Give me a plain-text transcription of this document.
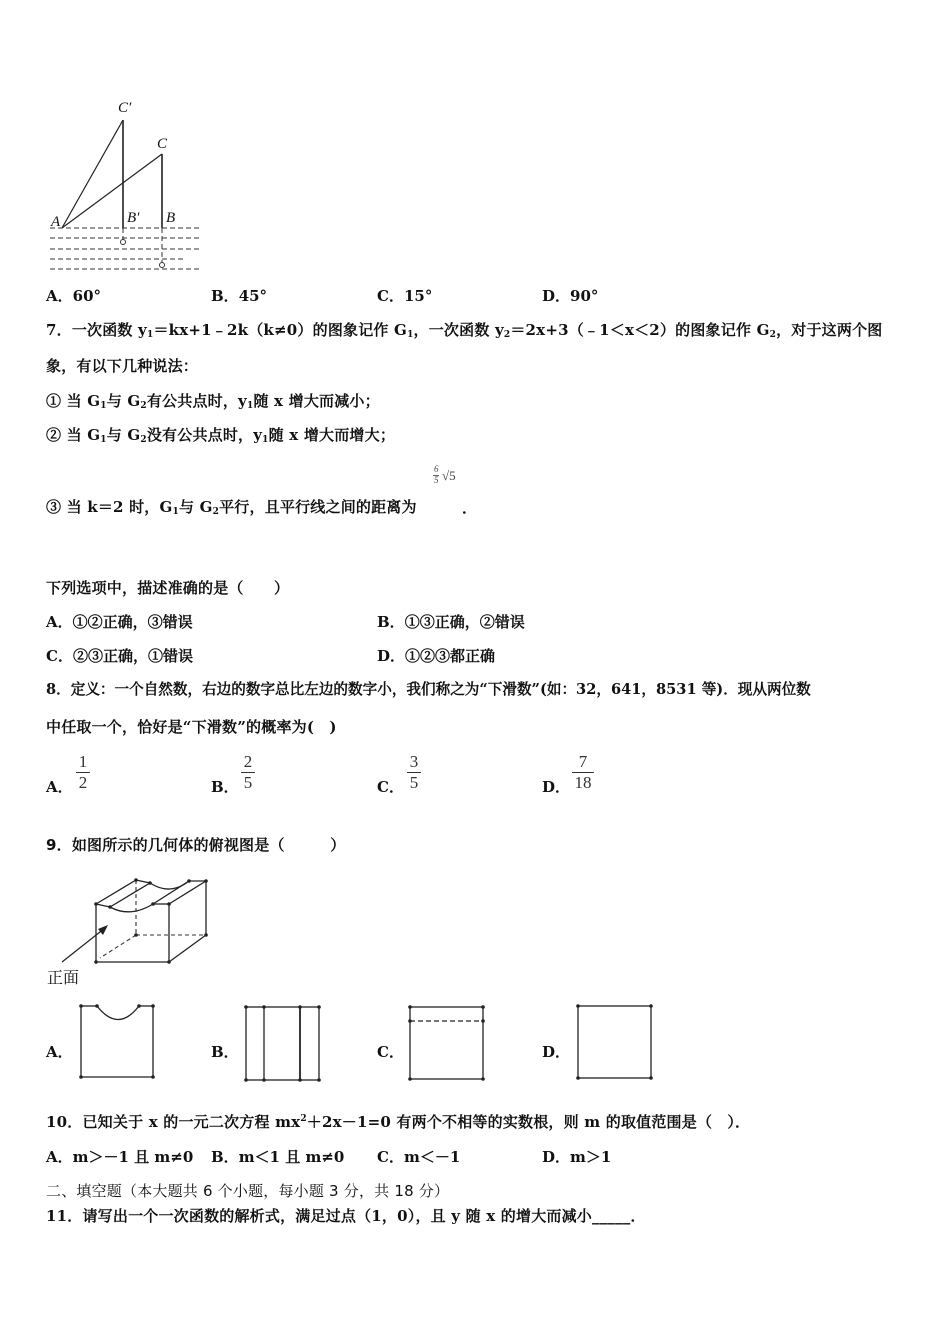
C′
C
A	B′ B
A．60°	B．45°	C．15°	D．90°
7．一次函数 $y_1=kx+1﹣2k(k\ne 0)$的图象记作 $G_1$，一次函数 $y_2=2x+3(﹣1<x<2)$的图象记作 $G_2$，对于这两个图
象，有以下几种说法：
① 当 $G_1$与 $G_2$有公共点时，$y_1$随 x 增大而减小；
② 当 $G_1$与 $G_2$没有公共点时，$y_1$随 x 增大而增大；
③ 当 k＝2 时，$G_1$与 $G_2$平行，且平行线之间的距离为	．
6
5 √5
下列选项中，描述准确的是（　　）
A．①②正确，③错误	B．①③正确，②错误
C．②③正确，①错误	D．①②③都正确
8．定义：一个自然数，右边的数字总比左边的数字小，我们称之为“下滑数”(如：32，641，8531 等)．现从两位数
中任取一个，恰好是“下滑数”的概率为(　)
A．
1
2	B．
2
5	C．
3
5	D．
7
18
9．如图所示的几何体的俯视图是（　　　）
正面
A．	B．	C．	D．
10．已知关于 x 的一元二次方程 $mx^2+2x-1=0$ 有两个不相等的实数根，则 m 的取值范围是（　）．
A．m＞－1 且 m≠0 B．m＜1 且 m≠0 C．m＜－1	D．m＞1
二、填空题（本大题共 6 个小题，每小题 3 分，共 18 分）
11．请写出一个一次函数的解析式，满足过点（1，0），且 y 随 x 的增大而减小_____．
